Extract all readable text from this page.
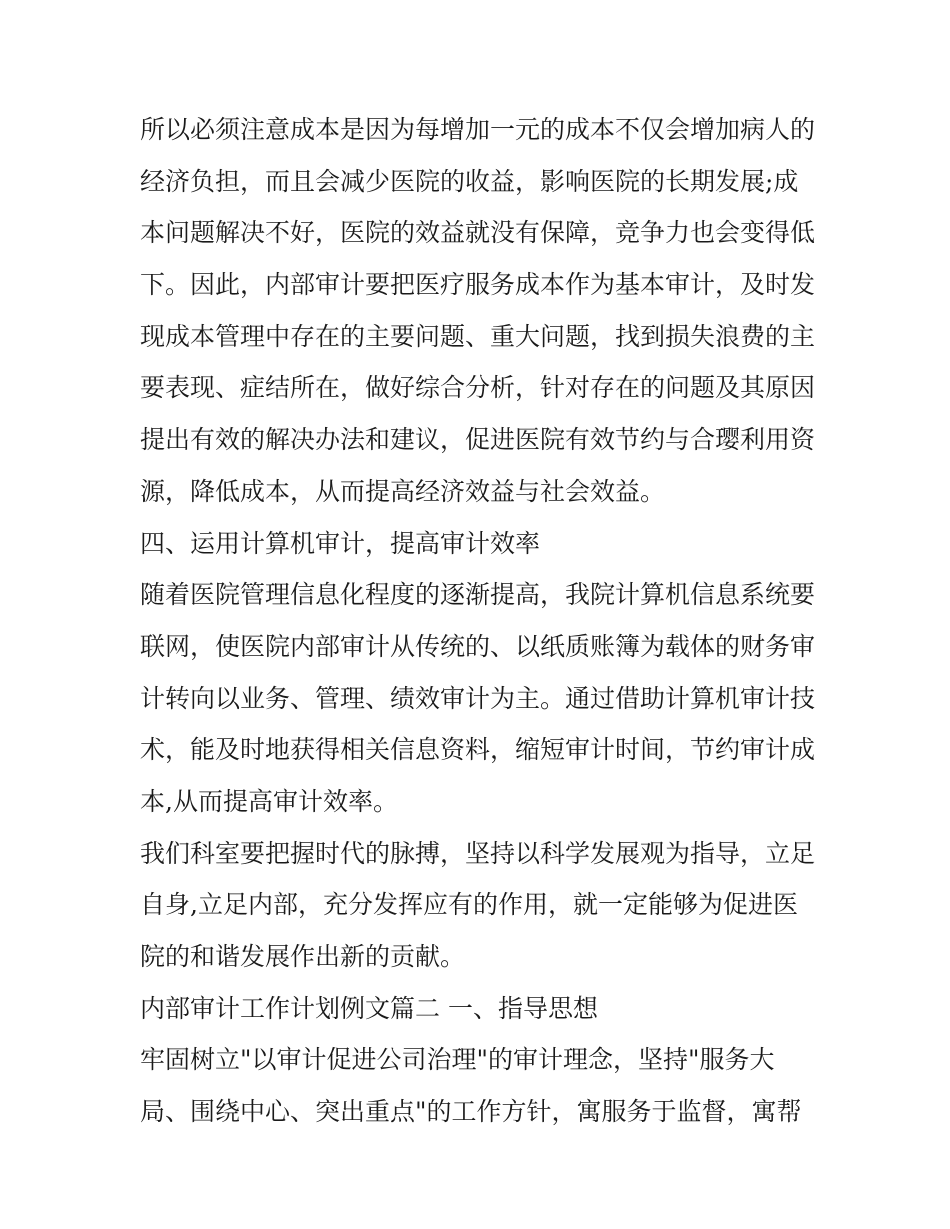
所以必须注意成本是因为每增加一元的成本不仅会增加病人的
经济负担，而且会减少医院的收益，影响医院的长期发展;成
本问题解决不好，医院的效益就没有保障，竞争力也会变得低
下。因此，内部审计要把医疗服务成本作为基本审计，及时发
现成本管理中存在的主要问题、重大问题，找到损失浪费的主
要表现、症结所在，做好综合分析，针对存在的问题及其原因
提出有效的解决办法和建议，促进医院有效节约与合璎利用资
源，降低成本，从而提高经济效益与社会效益。
四、运用计算机审计，提高审计效率
随着医院管理信息化程度的逐渐提高，我院计算机信息系统要
联网，使医院内部审计从传统的、以纸质账簿为载体的财务审
计转向以业务、管理、绩效审计为主。通过借助计算机审计技
术，能及时地获得相关信息资料，缩短审计时间，节约审计成
本,从而提高审计效率。
我们科室要把握时代的脉搏，坚持以科学发展观为指导，立足
自身,立足内部，充分发挥应有的作用，就一定能够为促进医
院的和谐发展作出新的贡献。
内部审计工作计划例文篇二 一、指导思想
牢固树立"以审计促进公司治理"的审计理念，坚持"服务大
局、围绕中心、突出重点"的工作方针，寓服务于监督，寓帮
